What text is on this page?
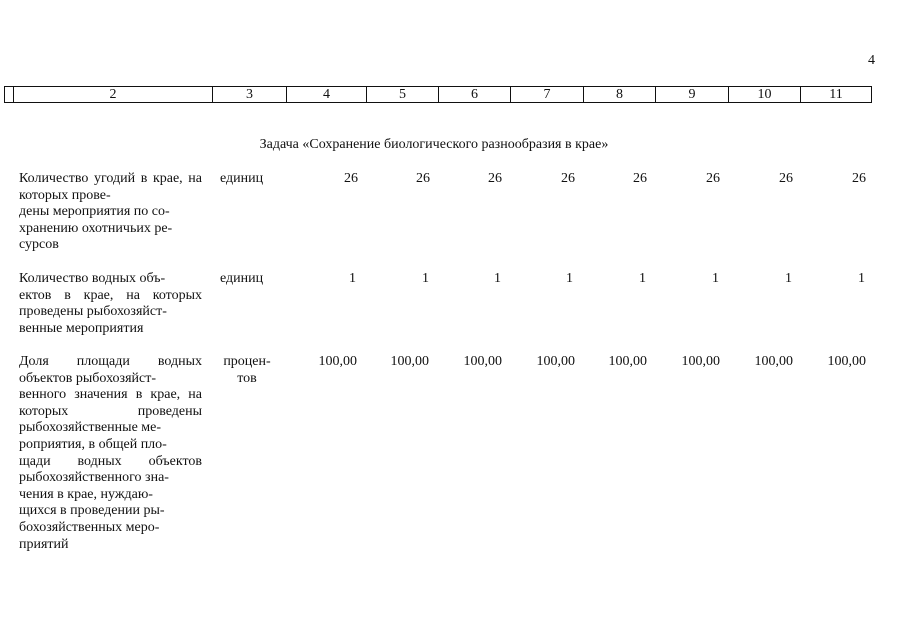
4
2	3	4	5	6	7	8	9	10	11
Задача «Сохранение биологического разнообразия в крае»
Количество угодий в крае, на которых прове-
дены мероприятия по со-
хранению охотничьих ре-
сурсов
единиц	26	26	26	26	26	26	26	26
Количество водных объ-
ектов в крае, на которых проведены рыбохозяйст-
венные мероприятия
единиц	1	1	1	1	1	1	1	1
Доля площади водных объектов рыбохозяйст-
венного значения в крае, на которых проведены рыбохозяйственные ме-
роприятия, в общей пло-
щади водных объектов рыбохозяйственного зна-
чения в крае, нуждаю-
щихся в проведении ры-
бохозяйственных меро-
приятий
процен-
тов
100,00	100,00	100,00	100,00	100,00	100,00	100,00	100,00
